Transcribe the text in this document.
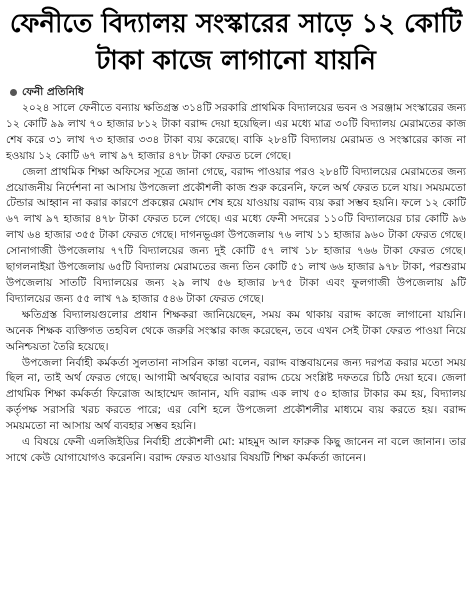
ফেনীতে বিদ্যালয় সংস্কারের সাড়ে ১২ কোটি টাকা কাজে লাগানো যায়নি
ফেনী প্রতিনিধি

২০২৪ সালে ফেনীতে বন্যায় ক্ষতিগ্রস্ত ৩১৪টি সরকারি প্রাথমিক বিদ্যালয়ের ভবন ও সরঞ্জাম সংস্কারের জন্য ১২ কোটি ৯৯ লাখ ৭০ হাজার ৮১২ টাকা বরাদ্দ দেয়া হয়েছিল। এর মধ্যে মাত্র ৩০টি বিদ্যালয় মেরামতের কাজ শেষ করে ৩১ লাখ ৭৩ হাজার ৩৩৪ টাকা ব্যয় করেছে। বাকি ২৮৪টি বিদ্যালয় মেরামত ও সংস্কারের কাজ না হওয়ায় ১২ কোটি ৬৭ লাখ ৯৭ হাজার ৪৭৮ টাকা ফেরত চলে গেছে।

জেলা প্রাথমিক শিক্ষা অফিসের সূত্রে জানা গেছে, বরাদ্দ পাওয়ার পরও ২৮৪টি বিদ্যালয়ের মেরামতের জন্য প্রয়োজনীয় নির্দেশনা না আসায় উপজেলা প্রকৌশলী কাজ শুরু করেননি, ফলে অর্থ ফেরত চলে যায়। সময়মতো টেন্ডার আহ্বান না করার কারণে প্রকল্পের মেয়াদ শেষ হয়ে যাওয়ায় বরাদ্দ ব্যয় করা সম্ভব হয়নি। ফলে ১২ কোটি ৬৭ লাখ ৯৭ হাজার ৪৭৮ টাকা ফেরত চলে গেছে। এর মধ্যে ফেনী সদরের ১১০টি বিদ্যালয়ের চার কোটি ৯৬ লাখ ৬৪ হাজার ৩৫৫ টাকা ফেরত গেছে। দাগনভূঞা উপজেলায় ৭৬ লাখ ১১ হাজার ৯৬০ টাকা ফেরত গেছে। সোনাগাজী উপজেলায় ৭৭টি বিদ্যালয়ের জন্য দুই কোটি ৫৭ লাখ ১৮ হাজার ৭৬৬ টাকা ফেরত গেছে। ছাগলনাইয়া উপজেলায় ৬৫টি বিদ্যালয় মেরামতের জন্য তিন কোটি ৫১ লাখ ৬৬ হাজার ৯৭৮ টাকা, পরশুরাম উপজেলায় সাতটি বিদ্যালয়ের জন্য ২৯ লাখ ৫৬ হাজার ৮৭৫ টাকা এবং ফুলগাজী উপজেলায় ৯টি বিদ্যালয়ের জন্য ৫৫ লাখ ৭৯ হাজার ৫৪৬ টাকা ফেরত গেছে।

ক্ষতিগ্রস্ত বিদ্যালয়গুলোর প্রধান শিক্ষকরা জানিয়েছেন, সময় কম থাকায় বরাদ্দ কাজে লাগানো যায়নি। অনেক শিক্ষক ব্যক্তিগত তহবিল থেকে জরুরি সংস্কার কাজ করেছেন, তবে এখন সেই টাকা ফেরত পাওয়া নিয়ে অনিশ্চয়তা তৈরি হয়েছে।

উপজেলা নির্বাহী কর্মকর্তা সুলতানা নাসরিন কান্তা বলেন, বরাদ্দ বাস্তবায়নের জন্য দরপত্র করার মতো সময় ছিল না, তাই অর্থ ফেরত গেছে। আগামী অর্থবছরে আবার বরাদ্দ চেয়ে সংশ্লিষ্ট দফতরে চিঠি দেয়া হবে। জেলা প্রাথমিক শিক্ষা কর্মকর্তা ফিরোজ আহাম্মেদ জানান, যদি বরাদ্দ এক লাখ ৫০ হাজার টাকার কম হয়, বিদ্যালয় কর্তৃপক্ষ সরাসরি খরচ করতে পারে; এর বেশি হলে উপজেলা প্রকৌশলীর মাধ্যমে ব্যয় করতে হয়। বরাদ্দ সময়মতো না আসায় অর্থ ব্যবহার সম্ভব হয়নি।

এ বিষয়ে ফেনী এলজিইডির নির্বাহী প্রকৌশলী মো: মাহমুদ আল ফারুক কিছু জানেন না বলে জানান। তার সাথে কেউ যোগাযোগও করেননি। বরাদ্দ ফেরত যাওয়ার বিষয়টি শিক্ষা কর্মকর্তা জানেন।
